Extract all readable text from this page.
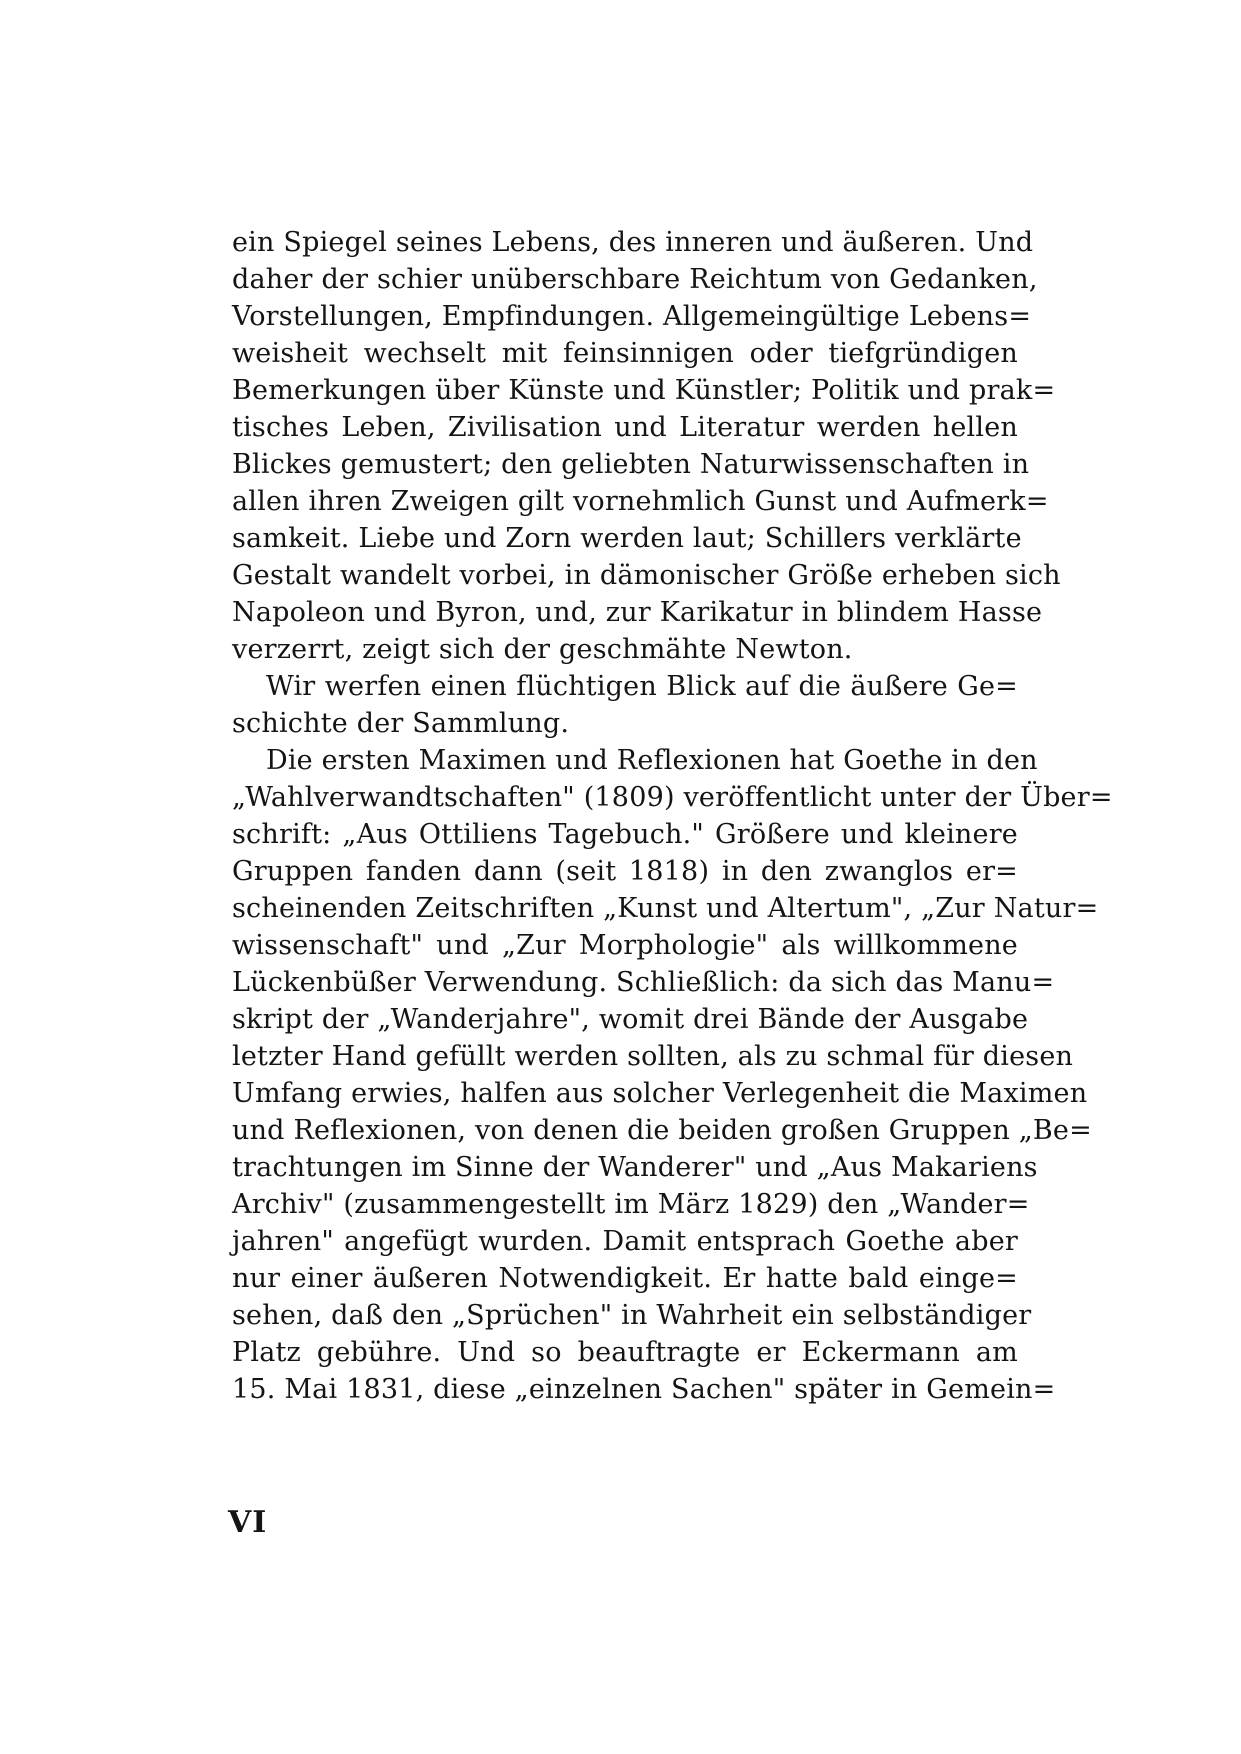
ein Spiegel seines Lebens, des inneren und äußeren. Und
daher der schier unüberschbare Reichtum von Gedanken,
Vorstellungen, Empfindungen. Allgemeingültige Lebens=
weisheit wechselt mit feinsinnigen oder tiefgründigen
Bemerkungen über Künste und Künstler; Politik und prak=
tisches Leben, Zivilisation und Literatur werden hellen
Blickes gemustert; den geliebten Naturwissenschaften in
allen ihren Zweigen gilt vornehmlich Gunst und Aufmerk=
samkeit. Liebe und Zorn werden laut; Schillers verklärte
Gestalt wandelt vorbei, in dämonischer Größe erheben sich
Napoleon und Byron, und, zur Karikatur in blindem Hasse
verzerrt, zeigt sich der geschmähte Newton.
Wir werfen einen flüchtigen Blick auf die äußere Ge=
schichte der Sammlung.
Die ersten Maximen und Reflexionen hat Goethe in den
„Wahlverwandtschaften" (1809) veröffentlicht unter der Über=
schrift: „Aus Ottiliens Tagebuch." Größere und kleinere
Gruppen fanden dann (seit 1818) in den zwanglos er=
scheinenden Zeitschriften „Kunst und Altertum", „Zur Natur=
wissenschaft" und „Zur Morphologie" als willkommene
Lückenbüßer Verwendung. Schließlich: da sich das Manu=
skript der „Wanderjahre", womit drei Bände der Ausgabe
letzter Hand gefüllt werden sollten, als zu schmal für diesen
Umfang erwies, halfen aus solcher Verlegenheit die Maximen
und Reflexionen, von denen die beiden großen Gruppen „Be=
trachtungen im Sinne der Wanderer" und „Aus Makariens
Archiv" (zusammengestellt im März 1829) den „Wander=
jahren" angefügt wurden. Damit entsprach Goethe aber
nur einer äußeren Notwendigkeit. Er hatte bald einge=
sehen, daß den „Sprüchen" in Wahrheit ein selbständiger
Platz gebühre. Und so beauftragte er Eckermann am
15. Mai 1831, diese „einzelnen Sachen" später in Gemein=
VI
